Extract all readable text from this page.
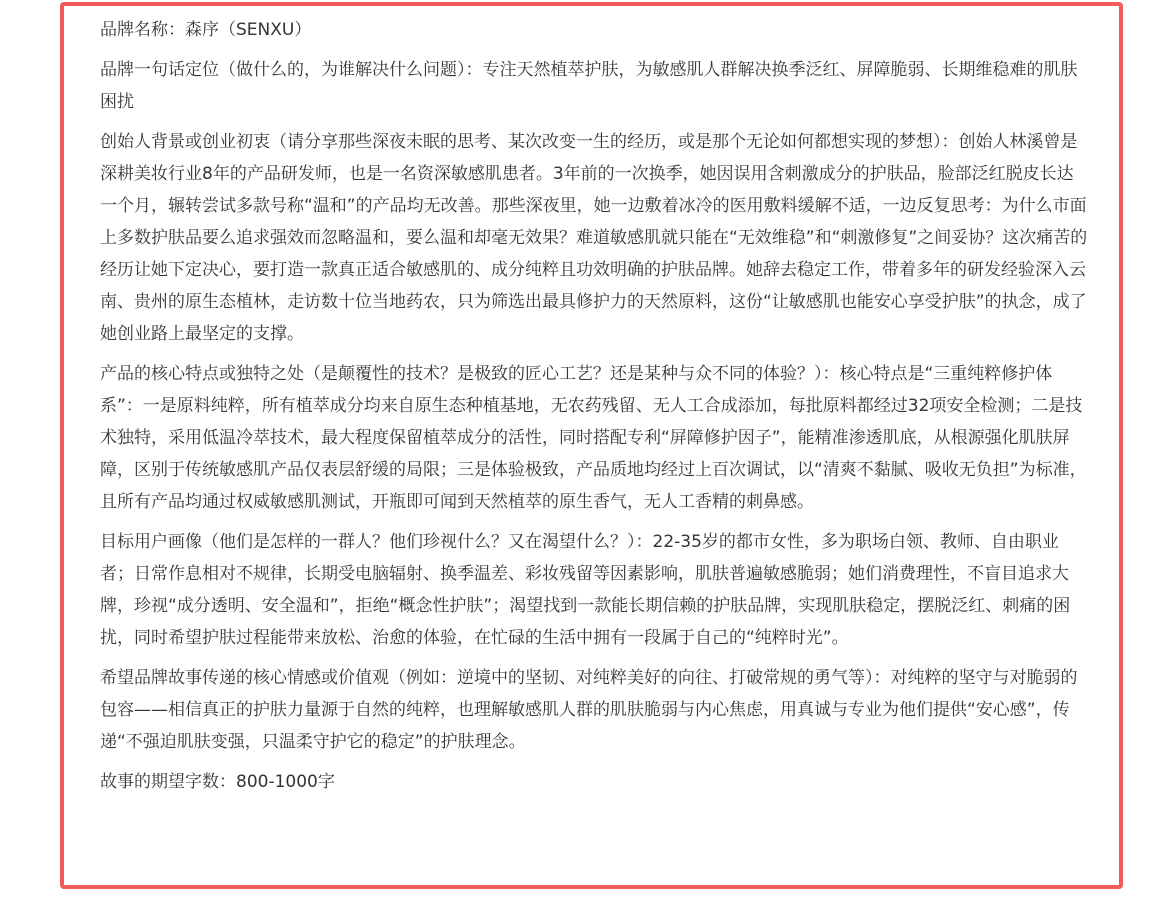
品牌名称：森序（SENXU）

品牌一句话定位（做什么的，为谁解决什么问题）：专注天然植萃护肤，为敏感肌人群解决换季泛红、屏障脆弱、长期维稳难的肌肤困扰

创始人背景或创业初衷（请分享那些深夜未眠的思考、某次改变一生的经历，或是那个无论如何都想实现的梦想）：创始人林溪曾是深耕美妆行业8年的产品研发师，也是一名资深敏感肌患者。3年前的一次换季，她因误用含刺激成分的护肤品，脸部泛红脱皮长达一个月，辗转尝试多款号称“温和”的产品均无改善。那些深夜里，她一边敷着冰冷的医用敷料缓解不适，一边反复思考：为什么市面上多数护肤品要么追求强效而忽略温和，要么温和却毫无效果？难道敏感肌就只能在“无效维稳”和“刺激修复”之间妥协？这次痛苦的经历让她下定决心，要打造一款真正适合敏感肌的、成分纯粹且功效明确的护肤品牌。她辞去稳定工作，带着多年的研发经验深入云南、贵州的原生态植林，走访数十位当地药农，只为筛选出最具修护力的天然原料，这份“让敏感肌也能安心享受护肤”的执念，成了她创业路上最坚定的支撑。

产品的核心特点或独特之处（是颠覆性的技术？是极致的匠心工艺？还是某种与众不同的体验？）：核心特点是“三重纯粹修护体系”：一是原料纯粹，所有植萃成分均来自原生态种植基地，无农药残留、无人工合成添加，每批原料都经过32项安全检测；二是技术独特，采用低温冷萃技术，最大程度保留植萃成分的活性，同时搭配专利“屏障修护因子”，能精准渗透肌底，从根源强化肌肤屏障，区别于传统敏感肌产品仅表层舒缓的局限；三是体验极致，产品质地均经过上百次调试，以“清爽不黏腻、吸收无负担”为标准，且所有产品均通过权威敏感肌测试，开瓶即可闻到天然植萃的原生香气，无人工香精的刺鼻感。

目标用户画像（他们是怎样的一群人？他们珍视什么？又在渴望什么？）：22-35岁的都市女性，多为职场白领、教师、自由职业者；日常作息相对不规律，长期受电脑辐射、换季温差、彩妆残留等因素影响，肌肤普遍敏感脆弱；她们消费理性，不盲目追求大牌，珍视“成分透明、安全温和”，拒绝“概念性护肤”；渴望找到一款能长期信赖的护肤品牌，实现肌肤稳定，摆脱泛红、刺痛的困扰，同时希望护肤过程能带来放松、治愈的体验，在忙碌的生活中拥有一段属于自己的“纯粹时光”。

希望品牌故事传递的核心情感或价值观（例如：逆境中的坚韧、对纯粹美好的向往、打破常规的勇气等）：对纯粹的坚守与对脆弱的包容——相信真正的护肤力量源于自然的纯粹，也理解敏感肌人群的肌肤脆弱与内心焦虑，用真诚与专业为他们提供“安心感”，传递“不强迫肌肤变强，只温柔守护它的稳定”的护肤理念。

故事的期望字数：800-1000字
